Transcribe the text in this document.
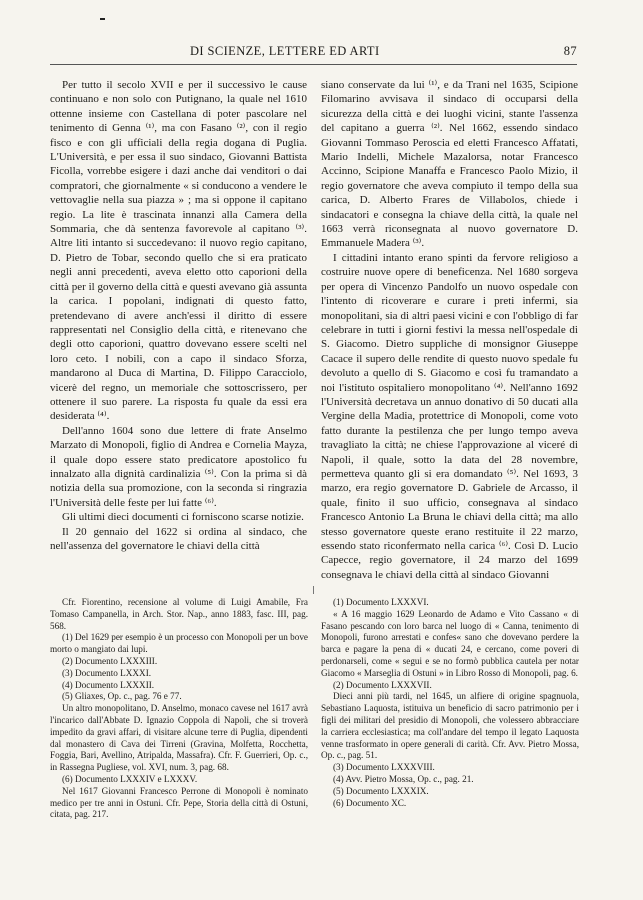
DI SCIENZE, LETTERE ED ARTI	87

Per tutto il secolo XVII e per il successivo le cause continuano e non solo con Putignano, la quale nel 1610 ottenne insieme con Castellana di poter pascolare nel tenimento di Genna ⁽¹⁾, ma con Fasano ⁽²⁾, con il regio fisco e con gli ufficiali della regia dogana di Puglia. L'Università, e per essa il suo sindaco, Giovanni Battista Ficolla, vorrebbe esigere i dazi anche dai venditori o dai compratori, che giornalmente « si conducono a vendere le vettovaglie nella sua piazza » ; ma si oppone il capitano regio. La lite è trascinata innanzi alla Camera della Sommaria, che dà sentenza favorevole al capitano ⁽³⁾. Altre liti intanto si succedevano: il nuovo regio capitano, D. Pietro de Tobar, secondo quello che si era praticato negli anni precedenti, aveva eletto otto caporioni della città per il governo della città e questi avevano già assunta la carica. I popolani, indignati di questo fatto, pretendevano di avere anch'essi il diritto di essere rappresentati nel Consiglio della città, e ritenevano che degli otto caporioni, quattro dovevano essere scelti nel loro ceto. I nobili, con a capo il sindaco Sforza, mandarono al Duca di Martina, D. Filippo Caracciolo, vicerè del regno, un memoriale che sottoscrissero, per ottenere il suo parere. La risposta fu quale da essi era desiderata ⁽⁴⁾.

Dell'anno 1604 sono due lettere di frate Anselmo Marzato di Monopoli, figlio di Andrea e Cornelia Mayza, il quale dopo essere stato predicatore apostolico fu innalzato alla dignità cardinalizia ⁽⁵⁾. Con la prima si dà notizia della sua promozione, con la seconda si ringrazia l'Università delle feste per lui fatte ⁽⁶⁾.

Gli ultimi dieci documenti ci forniscono scarse notizie.

Il 20 gennaio del 1622 si ordina al sindaco, che nell'assenza del governatore le chiavi della città

siano conservate da lui ⁽¹⁾, e da Trani nel 1635, Scipione Filomarino avvisava il sindaco di occuparsi della sicurezza della città e dei luoghi vicini, stante l'assenza del capitano a guerra ⁽²⁾. Nel 1662, essendo sindaco Giovanni Tommaso Peroscia ed eletti Francesco Affatati, Mario Indelli, Michele Mazalorsa, notar Francesco Accinno, Scipione Manaffa e Francesco Paolo Mizio, il regio governatore che aveva compiuto il tempo della sua carica, D. Alberto Frares de Villabolos, chiede i sindacatori e consegna la chiave della città, la quale nel 1663 verrà riconsegnata al nuovo governatore D. Emmanuele Madera ⁽³⁾.

I cittadini intanto erano spinti da fervore religioso a costruire nuove opere di beneficenza. Nel 1680 sorgeva per opera di Vincenzo Pandolfo un nuovo ospedale con l'intento di ricoverare e curare i preti infermi, sia monopolitani, sia di altri paesi vicini e con l'obbligo di far celebrare in tutti i giorni festivi la messa nell'ospedale di S. Giacomo. Dietro suppliche di monsignor Giuseppe Cacace il supero delle rendite di questo nuovo spedale fu devoluto a quello di S. Giacomo e così fu tramandato a noi l'istituto ospitaliero monopolitano ⁽⁴⁾. Nell'anno 1692 l'Università decretava un annuo donativo di 50 ducati alla Vergine della Madia, protettrice di Monopoli, come voto fatto durante la pestilenza che per lungo tempo aveva travagliato la città; ne chiese l'approvazione al viceré di Napoli, il quale, sotto la data del 28 novembre, permetteva quanto gli si era domandato ⁽⁵⁾. Nel 1693, 3 marzo, era regio governatore D. Gabriele de Arcasso, il quale, finito il suo ufficio, consegnava al sindaco Francesco Antonio La Bruna le chiavi della città; ma allo stesso governatore queste erano restituite il 22 marzo, essendo stato riconfermato nella carica ⁽⁶⁾. Così D. Lucio Capecce, regio governatore, il 24 marzo del 1699 consegnava le chiavi della città al sindaco Giovanni

Cfr. Fiorentino, recensione al volume di Luigi Amabile, Fra Tomaso Campanella, in Arch. Stor. Nap., anno 1883, fasc. III, pag. 568.

(1) Del 1629 per esempio è un processo con Monopoli per un bove morto o mangiato dai lupi.

(2) Documento LXXXIII.

(3) Documento LXXXI.

(4) Documento LXXXII.

(5) Gliaxes, Op. c., pag. 76 e 77.

Un altro monopolitano, D. Anselmo, monaco cavese nel 1617 avrà l'incarico dall'Abbate D. Ignazio Coppola di Napoli, che si troverà impedito da gravi affari, di visitare alcune terre di Puglia, dipendenti dal monastero di Cava dei Tirreni (Gravina, Molfetta, Rocchetta, Foggia, Bari, Avellino, Atripalda, Massafra). Cfr. F. Guerrieri, Op. c., in Rassegna Pugliese, vol. XVI, num. 3, pag. 68.

(6) Documento LXXXIV e LXXXV.

Nel 1617 Giovanni Francesco Perrone di Monopoli è nominato medico per tre anni in Ostuni. Cfr. Pepe, Storia della città di Ostuni, citata, pag. 217.

(1) Documento LXXXVI.

« A 16 maggio 1629 Leonardo de Adamo e Vito Cassano « di Fasano pescando con loro barca nel luogo di « Canna, tenimento di Monopoli, furono arrestati e confes« sano che dovevano perdere la barca e pagare la pena di « ducati 24, e cercano, come poveri di perdonarseli, come « segui e se no formò pubblica cautela per notar Giacomo « Marseglia di Ostuni » in Libro Rosso di Monopoli, pag. 6.

(2) Documento LXXXVII.

Dieci anni più tardi, nel 1645, un alfiere di origine spagnuola, Sebastiano Laquosta, istituiva un beneficio di sacro patrimonio per i figli dei militari del presidio di Monopoli, che volessero abbracciare la carriera ecclesiastica; ma coll'andare del tempo il legato Laquosta venne trasformato in opere generali di carità. Cfr. Avv. Pietro Mossa, Op. c., pag. 51.

(3) Documento LXXXVIII.

(4) Avv. Pietro Mossa, Op. c., pag. 21.

(5) Documento LXXXIX.

(6) Documento XC.
